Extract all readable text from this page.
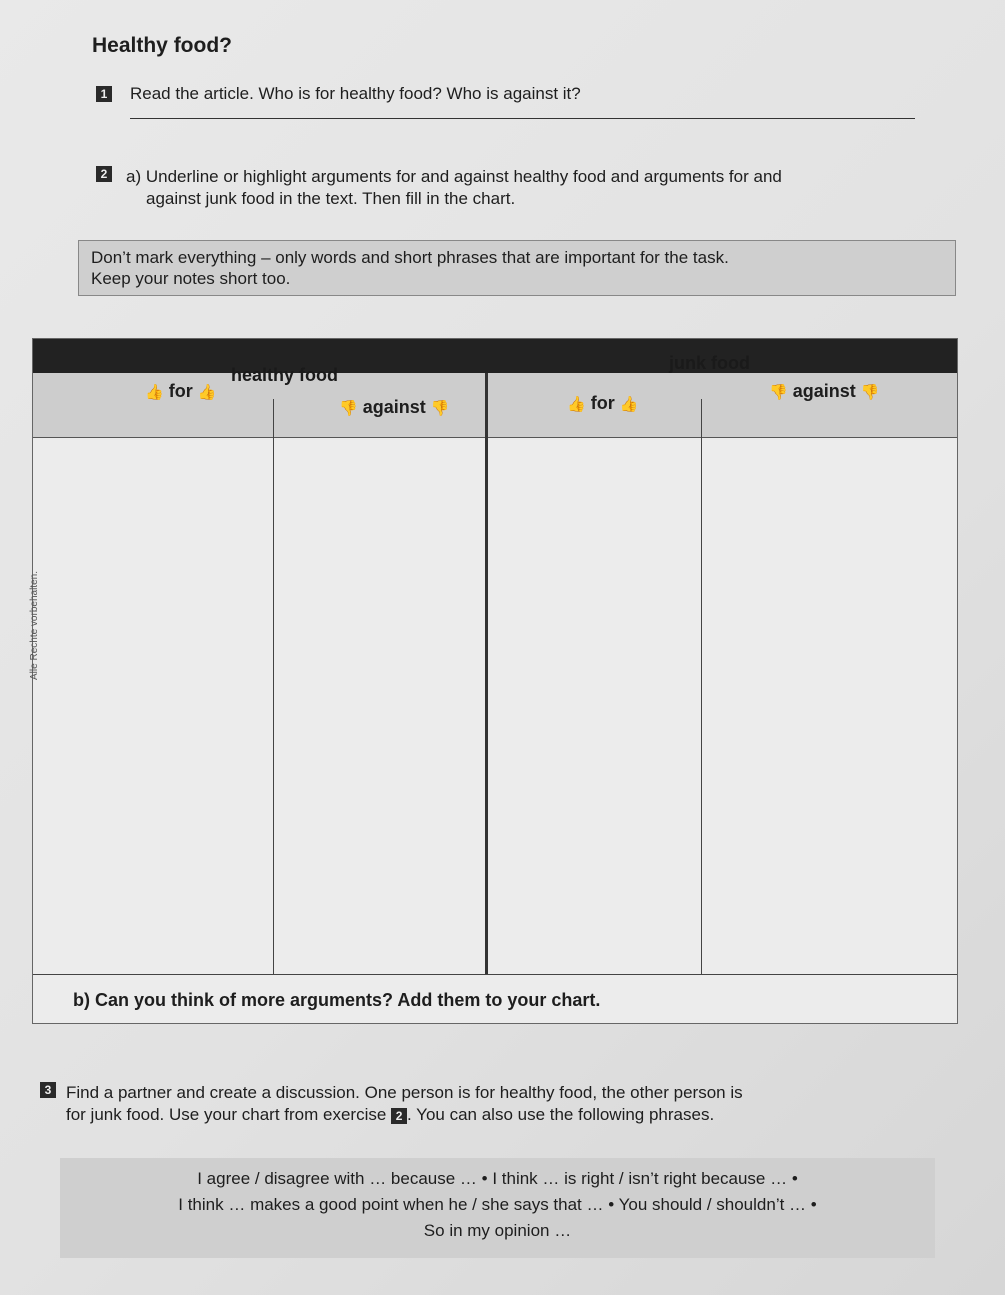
Healthy food?
1 Read the article. Who is for healthy food? Who is against it?
2 a) Underline or highlight arguments for and against healthy food and arguments for and
against junk food in the text. Then fill in the chart.
Don’t mark everything – only words and short phrases that are important for the task.
Keep your notes short too.
healthy food
junk food
👍 for 👍
👎 against 👎	👍 for 👍
👎 against 👎
b) Can you think of more arguments? Add them to your chart.
Alle Rechte vorbehalten.
3 Find a partner and create a discussion. One person is for healthy food, the other person is
for junk food. Use your chart from exercise 2 . You can also use the following phrases.
I agree / disagree with … because … • I think … is right / isn’t right because … •
I think … makes a good point when he / she says that … • You should / shouldn’t … •
So in my opinion …
